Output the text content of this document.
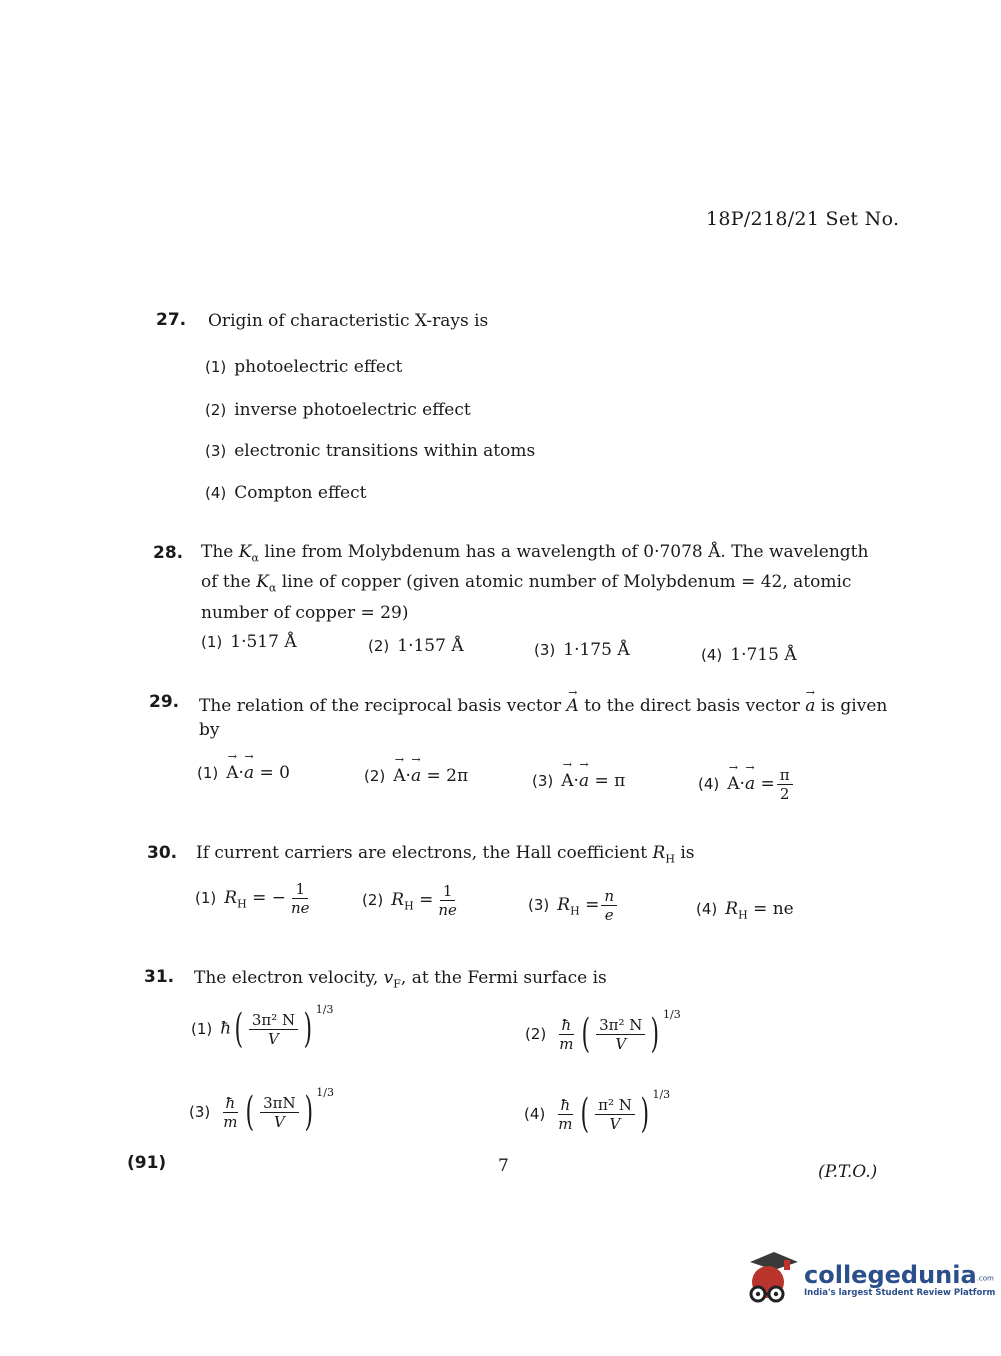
18P/218/21 Set No.
27. Origin of characteristic X-rays is
(1) photoelectric effect
(2) inverse photoelectric effect
(3) electronic transitions within atoms
(4) Compton effect
28. The $K_\alpha$ line from Molybdenum has a wavelength of 0·7078 Å. The wavelength of the $K_\alpha$ line of copper (given atomic number of Molybdenum = 42, atomic number of copper = 29)
(1) 1·517 Å	(2) 1·157 Å	(3) 1·175 Å	(4) 1·715 Å
29. The relation of the reciprocal basis vector → A to the direct basis vector → a is given by
(1) → A·→ a = 0	(2) → A·→ a = 2π	(3) → A·→ a = π	$(4) \to A\cdot\to a = \frac{\pi}{2}$
30. If current carriers are electrons, the Hall coefficient $R_H$ is
(1) $R_H$ = − $\frac{1}{ne}$	(2) $R_H = \frac{1}{ne}$	(3) $R_H = \frac{n}{e}$	(4) $R_H$ = ne
31. The electron velocity, $v_F$, at the Fermi surface is
(1) ħ( $\frac{\text{3π² N}}{V}$ ) 1/3
$(2) \frac{ħ}{m}$ ( $\frac{\text{3π² N}}{V}$ ) 1/3
$(3) \frac{ħ}{m}$ ( $\frac{3\pi N}{V}$ ) 1/3
$(4) \frac{ħ}{m}$ ( $\frac{\text{π² N}}{V}$ ) 1/3
(91)	7	(P.T.O.)
collegedunia.com
India's largest Student Review Platform
